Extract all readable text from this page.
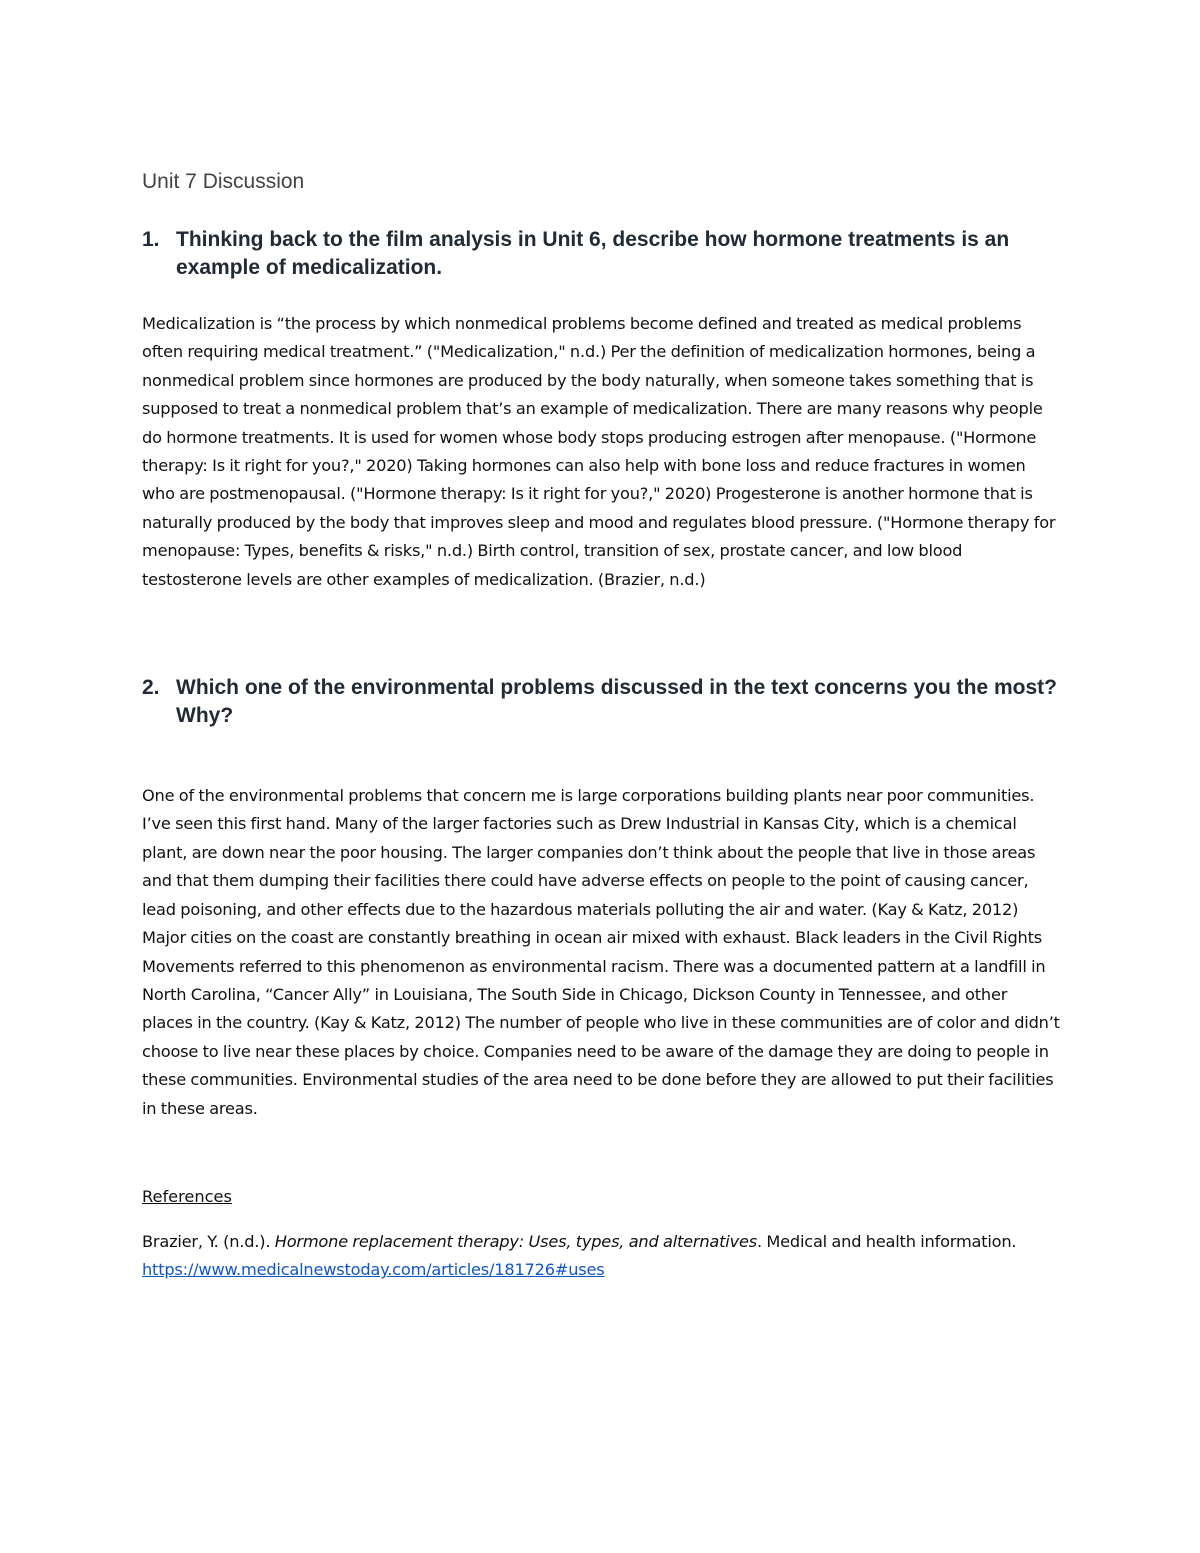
Unit 7 Discussion
1. Thinking back to the film analysis in Unit 6, describe how hormone treatments is an example of medicalization.

Medicalization is “the process by which nonmedical problems become defined and treated as medical problems often requiring medical treatment.” ("Medicalization," n.d.) Per the definition of medicalization hormones, being a nonmedical problem since hormones are produced by the body naturally, when someone takes something that is supposed to treat a nonmedical problem that’s an example of medicalization. There are many reasons why people do hormone treatments. It is used for women whose body stops producing estrogen after menopause. ("Hormone therapy: Is it right for you?," 2020) Taking hormones can also help with bone loss and reduce fractures in women who are postmenopausal. ("Hormone therapy: Is it right for you?," 2020) Progesterone is another hormone that is naturally produced by the body that improves sleep and mood and regulates blood pressure. ("Hormone therapy for menopause: Types, benefits & risks," n.d.) Birth control, transition of sex, prostate cancer, and low blood testosterone levels are other examples of medicalization. (Brazier, n.d.)

2. Which one of the environmental problems discussed in the text concerns you the most? Why?

One of the environmental problems that concern me is large corporations building plants near poor communities. I’ve seen this first hand. Many of the larger factories such as Drew Industrial in Kansas City, which is a chemical plant, are down near the poor housing. The larger companies don’t think about the people that live in those areas and that them dumping their facilities there could have adverse effects on people to the point of causing cancer, lead poisoning, and other effects due to the hazardous materials polluting the air and water. (Kay & Katz, 2012) Major cities on the coast are constantly breathing in ocean air mixed with exhaust. Black leaders in the Civil Rights Movements referred to this phenomenon as environmental racism. There was a documented pattern at a landfill in North Carolina, “Cancer Ally” in Louisiana, The South Side in Chicago, Dickson County in Tennessee, and other places in the country. (Kay & Katz, 2012) The number of people who live in these communities are of color and didn’t choose to live near these places by choice. Companies need to be aware of the damage they are doing to people in these communities. Environmental studies of the area need to be done before they are allowed to put their facilities in these areas.

References

Brazier, Y. (n.d.). Hormone replacement therapy: Uses, types, and alternatives. Medical and health information. https://www.medicalnewstoday.com/articles/181726#uses
